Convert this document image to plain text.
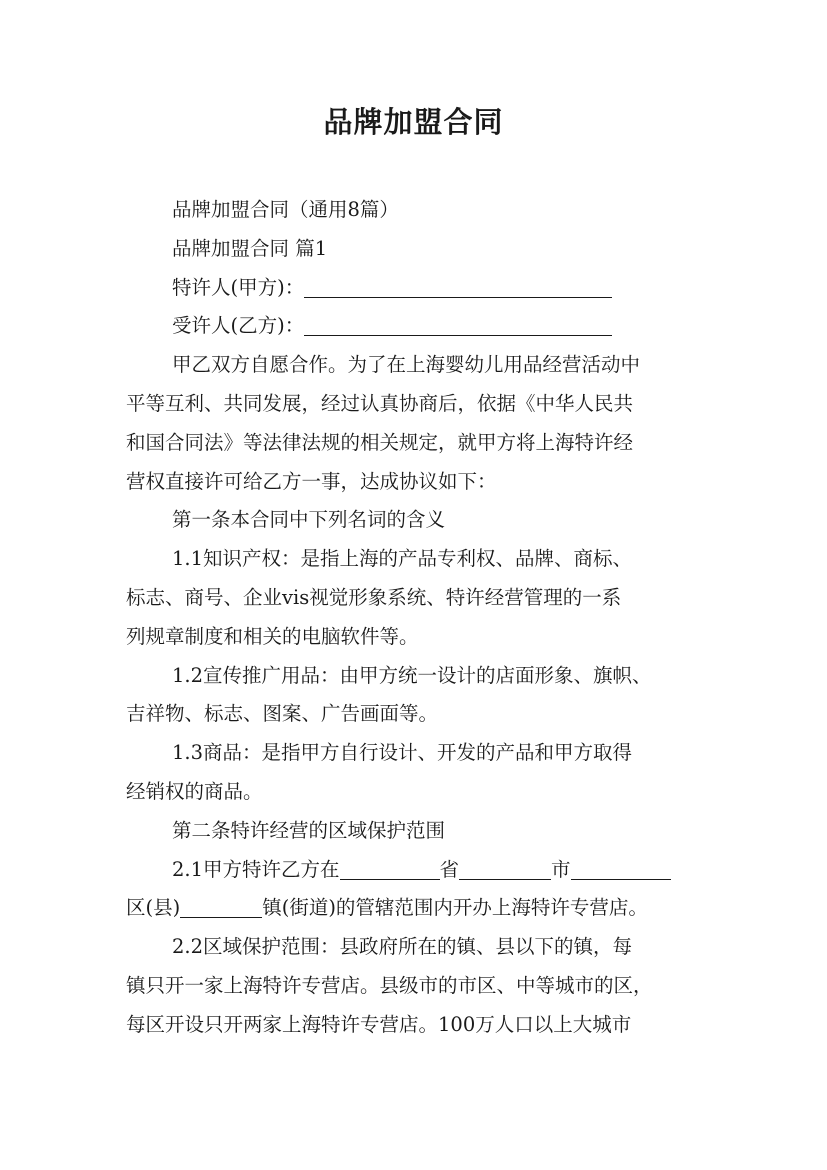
品牌加盟合同

品牌加盟合同（通用8篇）

品牌加盟合同 篇1

特许人(甲方)：

受许人(乙方)：

甲乙双方自愿合作。为了在上海婴幼儿用品经营活动中

平等互利、共同发展，经过认真协商后，依据《中华人民共

和国合同法》等法律法规的相关规定，就甲方将上海特许经

营权直接许可给乙方一事，达成协议如下：

第一条本合同中下列名词的含义

1.1知识产权：是指上海的产品专利权、品牌、商标、

标志、商号、企业vis视觉形象系统、特许经营管理的一系

列规章制度和相关的电脑软件等。

1.2宣传推广用品：由甲方统一设计的店面形象、旗帜、

吉祥物、标志、图案、广告画面等。

1.3商品：是指甲方自行设计、开发的产品和甲方取得

经销权的商品。

第二条特许经营的区域保护范围

2.1甲方特许乙方在	省	市

区(县)	镇(街道)的管辖范围内开办上海特许专营店。

2.2区域保护范围：县政府所在的镇、县以下的镇，每

镇只开一家上海特许专营店。县级市的市区、中等城市的区，

每区开设只开两家上海特许专营店。100万人口以上大城市
